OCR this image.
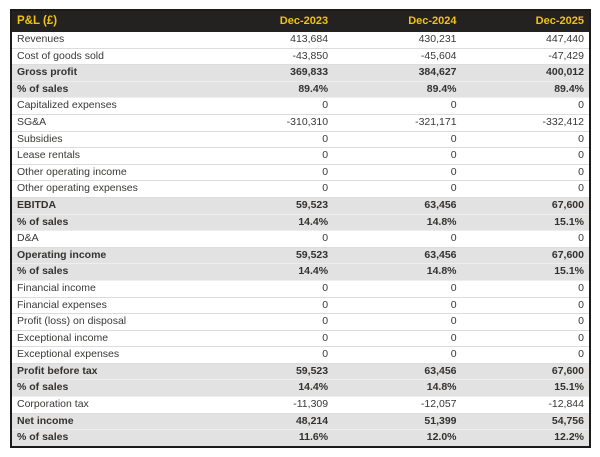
P&L (£)	Dec-2023	Dec-2024	Dec-2025
Revenues	413,684	430,231	447,440
Cost of goods sold	-43,850	-45,604	-47,429
Gross profit	369,833	384,627	400,012
% of sales	89.4%	89.4%	89.4%
Capitalized expenses	0	0	0
SG&A	-310,310	-321,171	-332,412
Subsidies	0	0	0
Lease rentals	0	0	0
Other operating income	0	0	0
Other operating expenses	0	0	0
EBITDA	59,523	63,456	67,600
% of sales	14.4%	14.8%	15.1%
D&A	0	0	0
Operating income	59,523	63,456	67,600
% of sales	14.4%	14.8%	15.1%
Financial income	0	0	0
Financial expenses	0	0	0
Profit (loss) on disposal	0	0	0
Exceptional income	0	0	0
Exceptional expenses	0	0	0
Profit before tax	59,523	63,456	67,600
% of sales	14.4%	14.8%	15.1%
Corporation tax	-11,309	-12,057	-12,844
Net income	48,214	51,399	54,756
% of sales	11.6%	12.0%	12.2%
